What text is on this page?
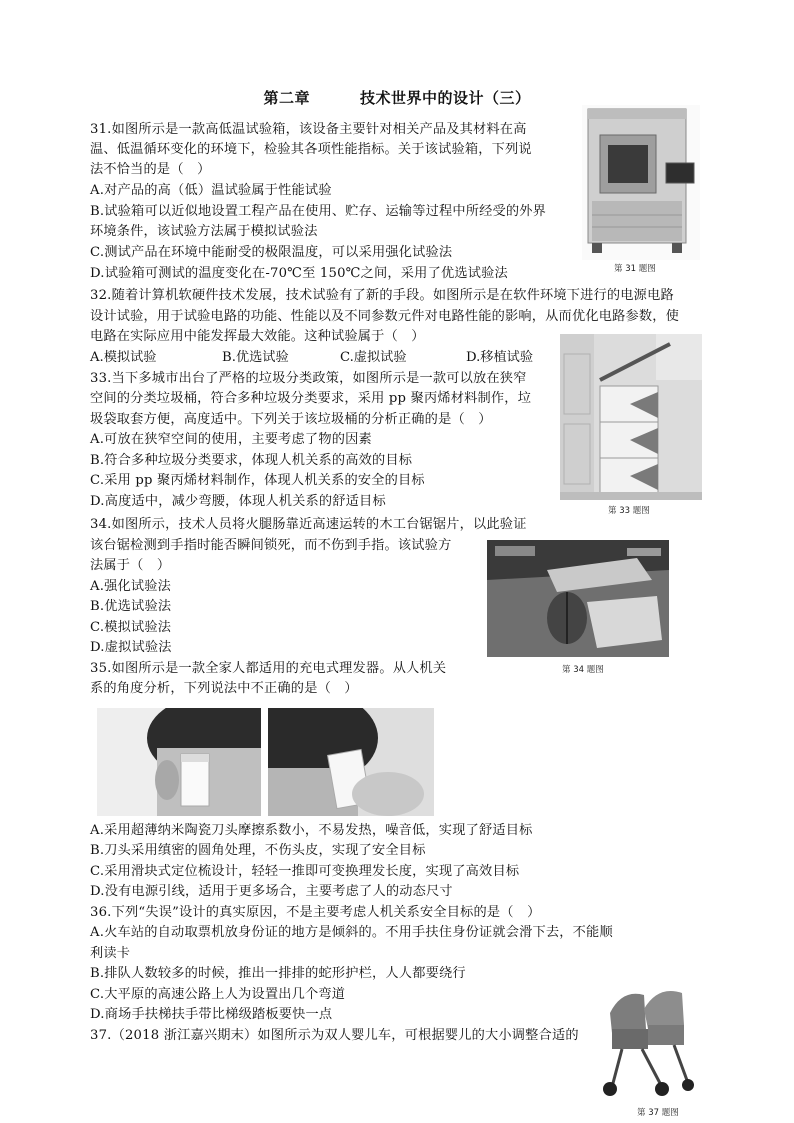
第二章	技术世界中的设计（三）
31.如图所示是一款高低温试验箱，该设备主要针对相关产品及其材料在高
温、低温循环变化的环境下，检验其各项性能指标。关于该试验箱，下列说
法不恰当的是（　）
A.对产品的高（低）温试验属于性能试验
B.试验箱可以近似地设置工程产品在使用、贮存、运输等过程中所经受的外界
环境条件，该试验方法属于模拟试验法
C.测试产品在环境中能耐受的极限温度，可以采用强化试验法
D.试验箱可测试的温度变化在-70℃至 150℃之间，采用了优选试验法	第 31 题图
32.随着计算机软硬件技术发展，技术试验有了新的手段。如图所示是在软件环境下进行的电源电路
设计试验，用于试验电路的功能、性能以及不同参数元件对电路性能的影响，从而优化电路参数，使
电路在实际应用中能发挥最大效能。这种试验属于（　）
A.模拟试验	B.优选试验	C.虚拟试验	D.移植试验
33.当下多城市出台了严格的垃圾分类政策，如图所示是一款可以放在狭窄
空间的分类垃圾桶，符合多种垃圾分类要求，采用 pp 聚丙烯材料制作，垃
圾袋取套方便，高度适中。下列关于该垃圾桶的分析正确的是（　）
A.可放在狭窄空间的使用，主要考虑了物的因素
B.符合多种垃圾分类要求，体现人机关系的高效的目标
C.采用 pp 聚丙烯材料制作，体现人机关系的安全的目标
D.高度适中，减少弯腰，体现人机关系的舒适目标
第 33 题图
34.如图所示，技术人员将火腿肠靠近高速运转的木工台锯锯片，以此验证
该台锯检测到手指时能否瞬间锁死，而不伤到手指。该试验方
法属于（　）
A.强化试验法
B.优选试验法
C.模拟试验法
D.虚拟试验法
第 34 题图
35.如图所示是一款全家人都适用的充电式理发器。从人机关
系的角度分析，下列说法中不正确的是（　）
A.采用超薄纳米陶瓷刀头摩擦系数小，不易发热，噪音低，实现了舒适目标
B.刀头采用缜密的圆角处理，不伤头皮，实现了安全目标
C.采用滑块式定位梳设计，轻轻一推即可变换理发长度，实现了高效目标
D.没有电源引线，适用于更多场合，主要考虑了人的动态尺寸
36.下列“失误”设计的真实原因，不是主要考虑人机关系安全目标的是（　）
A.火车站的自动取票机放身份证的地方是倾斜的。不用手扶住身份证就会滑下去，不能顺
利读卡
B.排队人数较多的时候，推出一排排的蛇形护栏，人人都要绕行
C.大平原的高速公路上人为设置出几个弯道
D.商场手扶梯扶手带比梯级踏板要快一点
37.（2018 浙江嘉兴期末）如图所示为双人婴儿车，可根据婴儿的大小调整合适的
第 37 题图
